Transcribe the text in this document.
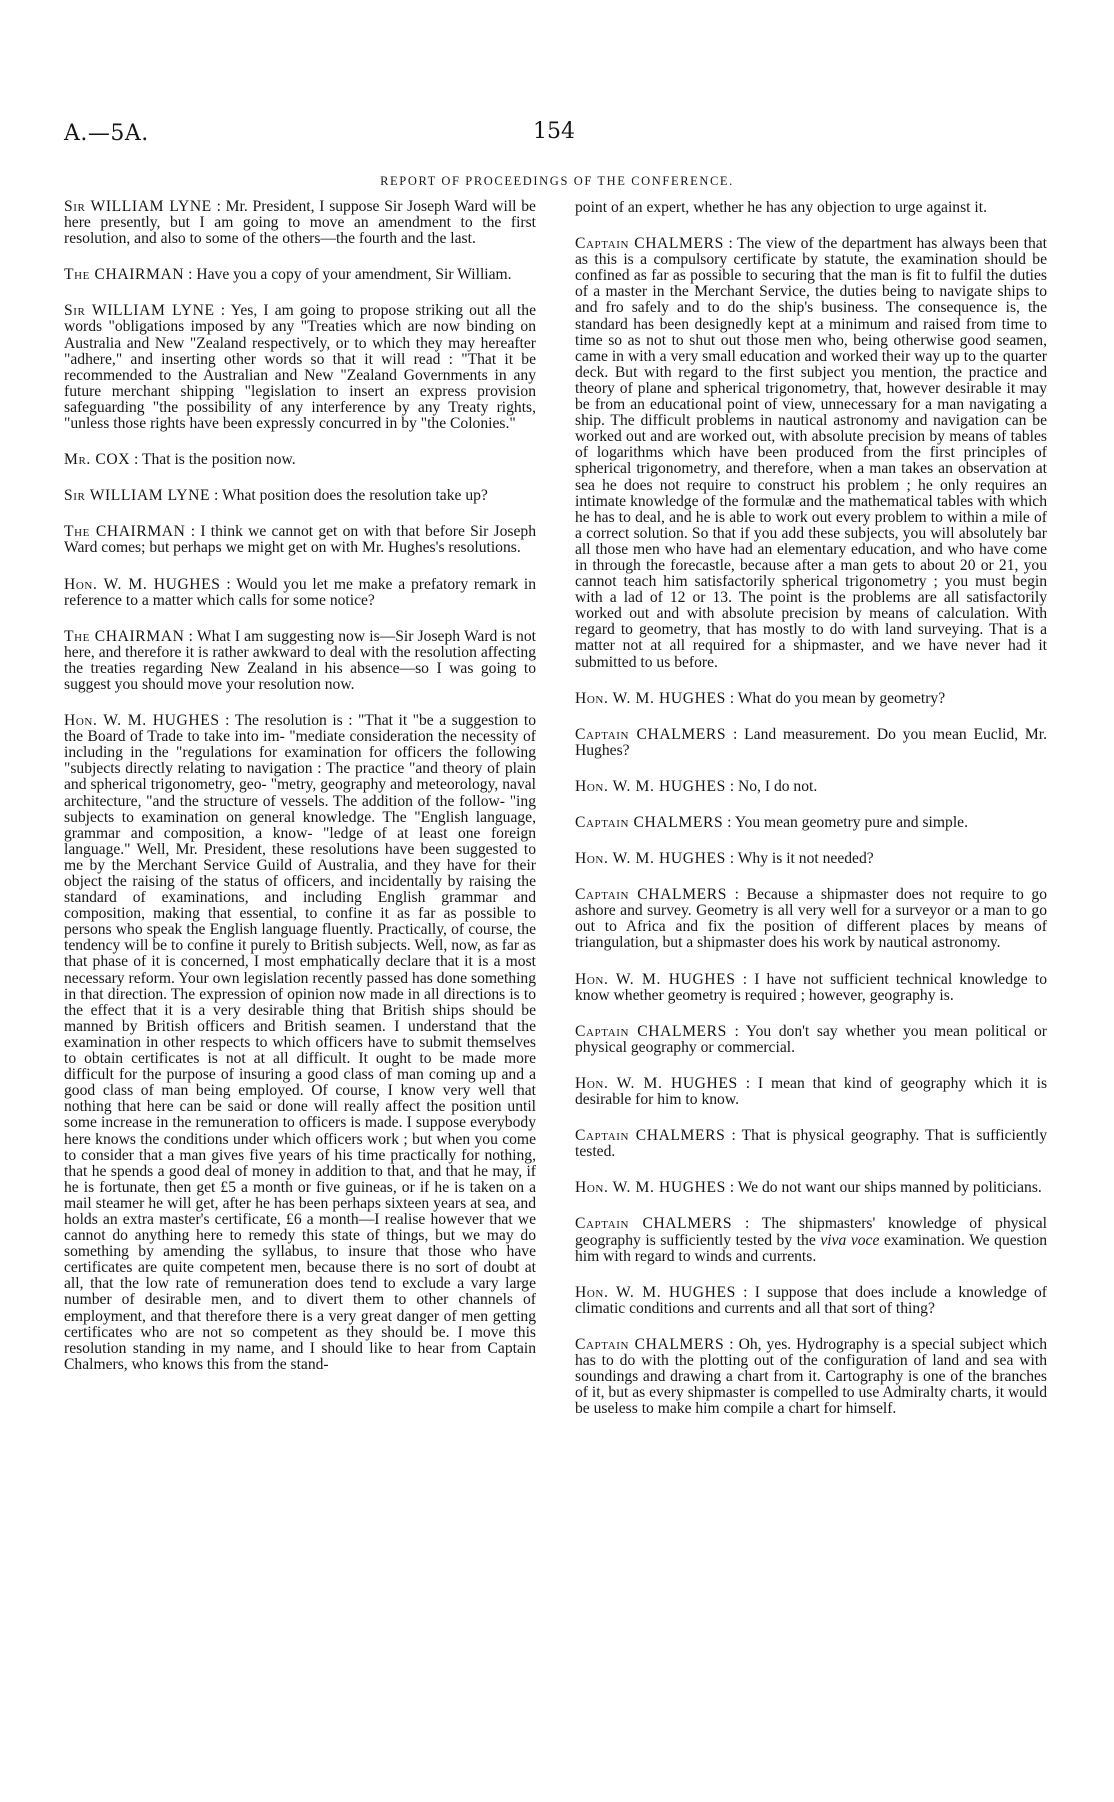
A.—5A.	154
REPORT OF PROCEEDINGS OF THE CONFERENCE.

Sir WILLIAM LYNE : Mr. President, I suppose Sir Joseph Ward will be here presently, but I am going to move an amendment to the first resolution, and also to some of the others—the fourth and the last.

The CHAIRMAN : Have you a copy of your amendment, Sir William.

Sir WILLIAM LYNE : Yes, I am going to propose striking out all the words "obligations imposed by any "Treaties which are now binding on Australia and New "Zealand respectively, or to which they may hereafter "adhere," and inserting other words so that it will read : "That it be recommended to the Australian and New "Zealand Governments in any future merchant shipping "legislation to insert an express provision safeguarding "the possibility of any interference by any Treaty rights, "unless those rights have been expressly concurred in by "the Colonies."

Mr. COX : That is the position now.

Sir WILLIAM LYNE : What position does the resolution take up?

The CHAIRMAN : I think we cannot get on with that before Sir Joseph Ward comes; but perhaps we might get on with Mr. Hughes's resolutions.

Hon. W. M. HUGHES : Would you let me make a prefatory remark in reference to a matter which calls for some notice?

The CHAIRMAN : What I am suggesting now is—Sir Joseph Ward is not here, and therefore it is rather awkward to deal with the resolution affecting the treaties regarding New Zealand in his absence—so I was going to suggest you should move your resolution now.

Hon. W. M. HUGHES : The resolution is : "That it "be a suggestion to the Board of Trade to take into im- "mediate consideration the necessity of including in the "regulations for examination for officers the following "subjects directly relating to navigation : The practice "and theory of plain and spherical trigonometry, geo- "metry, geography and meteorology, naval architecture, "and the structure of vessels. The addition of the follow- "ing subjects to examination on general knowledge. The "English language, grammar and composition, a know- "ledge of at least one foreign language." Well, Mr. President, these resolutions have been suggested to me by the Merchant Service Guild of Australia, and they have for their object the raising of the status of officers, and incidentally by raising the standard of examinations, and including English grammar and composition, making that essential, to confine it as far as possible to persons who speak the English language fluently. Practically, of course, the tendency will be to confine it purely to British subjects. Well, now, as far as that phase of it is concerned, I most emphatically declare that it is a most necessary reform. Your own legislation recently passed has done something in that direction. The expression of opinion now made in all directions is to the effect that it is a very desirable thing that British ships should be manned by British officers and British seamen. I understand that the examination in other respects to which officers have to submit themselves to obtain certificates is not at all difficult. It ought to be made more difficult for the purpose of insuring a good class of man coming up and a good class of man being employed. Of course, I know very well that nothing that here can be said or done will really affect the position until some increase in the remuneration to officers is made. I suppose everybody here knows the conditions under which officers work ; but when you come to consider that a man gives five years of his time practically for nothing, that he spends a good deal of money in addition to that, and that he may, if he is fortunate, then get £5 a month or five guineas, or if he is taken on a mail steamer he will get, after he has been perhaps sixteen years at sea, and holds an extra master's certificate, £6 a month—I realise however that we cannot do anything here to remedy this state of things, but we may do something by amending the syllabus, to insure that those who have certificates are quite competent men, because there is no sort of doubt at all, that the low rate of remuneration does tend to exclude a vary large number of desirable men, and to divert them to other channels of employment, and that therefore there is a very great danger of men getting certificates who are not so competent as they should be. I move this resolution standing in my name, and I should like to hear from Captain Chalmers, who knows this from the stand-

point of an expert, whether he has any objection to urge against it.

Captain CHALMERS : The view of the department has always been that as this is a compulsory certificate by statute, the examination should be confined as far as possible to securing that the man is fit to fulfil the duties of a master in the Merchant Service, the duties being to navigate ships to and fro safely and to do the ship's business. The consequence is, the standard has been designedly kept at a minimum and raised from time to time so as not to shut out those men who, being otherwise good seamen, came in with a very small education and worked their way up to the quarter deck. But with regard to the first subject you mention, the practice and theory of plane and spherical trigonometry, that, however desirable it may be from an educational point of view, unnecessary for a man navigating a ship. The difficult problems in nautical astronomy and navigation can be worked out and are worked out, with absolute precision by means of tables of logarithms which have been produced from the first principles of spherical trigonometry, and therefore, when a man takes an observation at sea he does not require to construct his problem ; he only requires an intimate knowledge of the formulæ and the mathematical tables with which he has to deal, and he is able to work out every problem to within a mile of a correct solution. So that if you add these subjects, you will absolutely bar all those men who have had an elementary education, and who have come in through the forecastle, because after a man gets to about 20 or 21, you cannot teach him satisfactorily spherical trigonometry ; you must begin with a lad of 12 or 13. The point is the problems are all satisfactorily worked out and with absolute precision by means of calculation. With regard to geometry, that has mostly to do with land surveying. That is a matter not at all required for a shipmaster, and we have never had it submitted to us before.

Hon. W. M. HUGHES : What do you mean by geometry?

Captain CHALMERS : Land measurement. Do you mean Euclid, Mr. Hughes?

Hon. W. M. HUGHES : No, I do not.

Captain CHALMERS : You mean geometry pure and simple.

Hon. W. M. HUGHES : Why is it not needed?

Captain CHALMERS : Because a shipmaster does not require to go ashore and survey. Geometry is all very well for a surveyor or a man to go out to Africa and fix the position of different places by means of triangulation, but a shipmaster does his work by nautical astronomy.

Hon. W. M. HUGHES : I have not sufficient technical knowledge to know whether geometry is required ; however, geography is.

Captain CHALMERS : You don't say whether you mean political or physical geography or commercial.

Hon. W. M. HUGHES : I mean that kind of geography which it is desirable for him to know.

Captain CHALMERS : That is physical geography. That is sufficiently tested.

Hon. W. M. HUGHES : We do not want our ships manned by politicians.

Captain CHALMERS : The shipmasters' knowledge of physical geography is sufficiently tested by the viva voce examination. We question him with regard to winds and currents.

Hon. W. M. HUGHES : I suppose that does include a knowledge of climatic conditions and currents and all that sort of thing?

Captain CHALMERS : Oh, yes. Hydrography is a special subject which has to do with the plotting out of the configuration of land and sea with soundings and drawing a chart from it. Cartography is one of the branches of it, but as every shipmaster is compelled to use Admiralty charts, it would be useless to make him compile a chart for himself.
